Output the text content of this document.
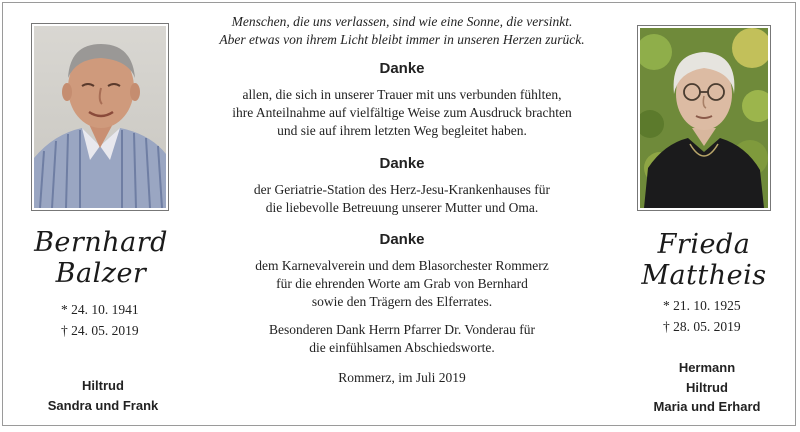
Bernhard
Balzer
Frieda
Mattheis
* 24. 10. 1941
† 24. 05. 2019
* 21. 10. 1925
† 28. 05. 2019
Hiltrud
Sandra und Frank
Hermann
Hiltrud
Maria und Erhard

Menschen, die uns verlassen, sind wie eine Sonne, die versinkt.
Aber etwas von ihrem Licht bleibt immer in unseren Herzen zurück.

Danke

allen, die sich in unserer Trauer mit uns verbunden fühlten,
ihre Anteilnahme auf vielfältige Weise zum Ausdruck brachten
und sie auf ihrem letzten Weg begleitet haben.

Danke

der Geriatrie-Station des Herz-Jesu-Krankenhauses für
die liebevolle Betreuung unserer Mutter und Oma.

Danke

dem Karnevalverein und dem Blasorchester Rommerz
für die ehrenden Worte am Grab von Bernhard
sowie den Trägern des Elferrates.

Besonderen Dank Herrn Pfarrer Dr. Vonderau für
die einfühlsamen Abschiedsworte.

Rommerz, im Juli 2019
